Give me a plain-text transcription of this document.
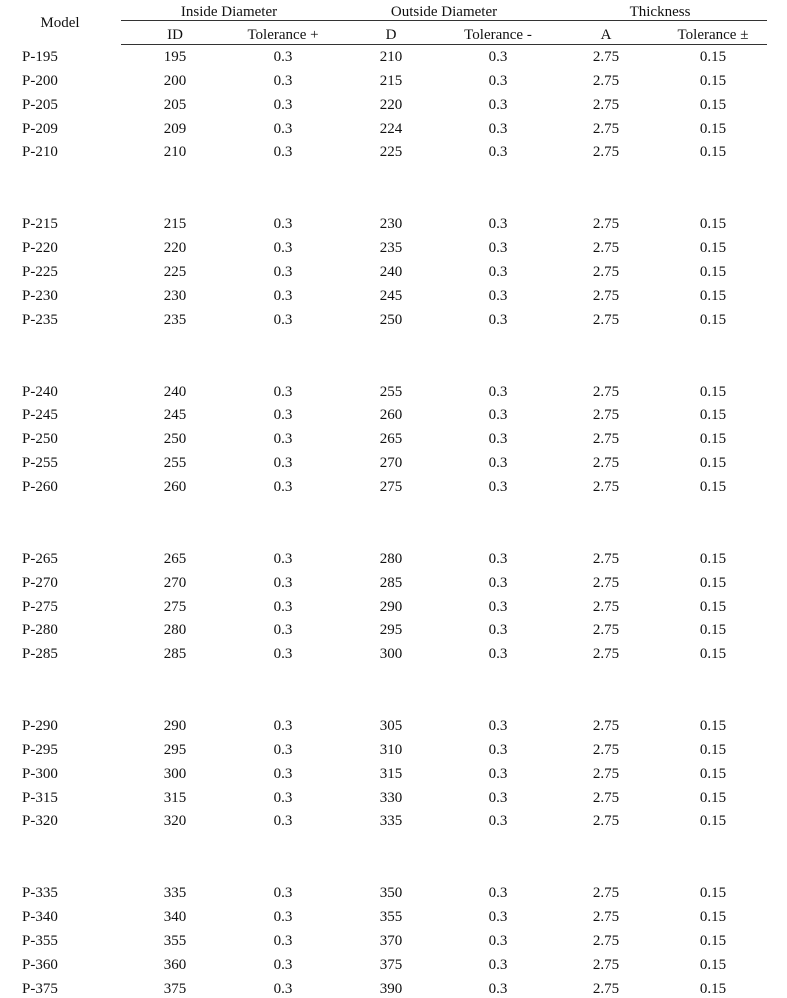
Model
Inside Diameter	Outside Diameter	Thickness
ID	Tolerance +	D	Tolerance -	A	Tolerance ±
P-195	195	0.3	210	0.3	2.75	0.15
P-200	200	0.3	215	0.3	2.75	0.15
P-205	205	0.3	220	0.3	2.75	0.15
P-209	209	0.3	224	0.3	2.75	0.15
P-210	210	0.3	225	0.3	2.75	0.15
P-215	215	0.3	230	0.3	2.75	0.15
P-220	220	0.3	235	0.3	2.75	0.15
P-225	225	0.3	240	0.3	2.75	0.15
P-230	230	0.3	245	0.3	2.75	0.15
P-235	235	0.3	250	0.3	2.75	0.15
P-240	240	0.3	255	0.3	2.75	0.15
P-245	245	0.3	260	0.3	2.75	0.15
P-250	250	0.3	265	0.3	2.75	0.15
P-255	255	0.3	270	0.3	2.75	0.15
P-260	260	0.3	275	0.3	2.75	0.15
P-265	265	0.3	280	0.3	2.75	0.15
P-270	270	0.3	285	0.3	2.75	0.15
P-275	275	0.3	290	0.3	2.75	0.15
P-280	280	0.3	295	0.3	2.75	0.15
P-285	285	0.3	300	0.3	2.75	0.15
P-290	290	0.3	305	0.3	2.75	0.15
P-295	295	0.3	310	0.3	2.75	0.15
P-300	300	0.3	315	0.3	2.75	0.15
P-315	315	0.3	330	0.3	2.75	0.15
P-320	320	0.3	335	0.3	2.75	0.15
P-335	335	0.3	350	0.3	2.75	0.15
P-340	340	0.3	355	0.3	2.75	0.15
P-355	355	0.3	370	0.3	2.75	0.15
P-360	360	0.3	375	0.3	2.75	0.15
P-375	375	0.3	390	0.3	2.75	0.15
